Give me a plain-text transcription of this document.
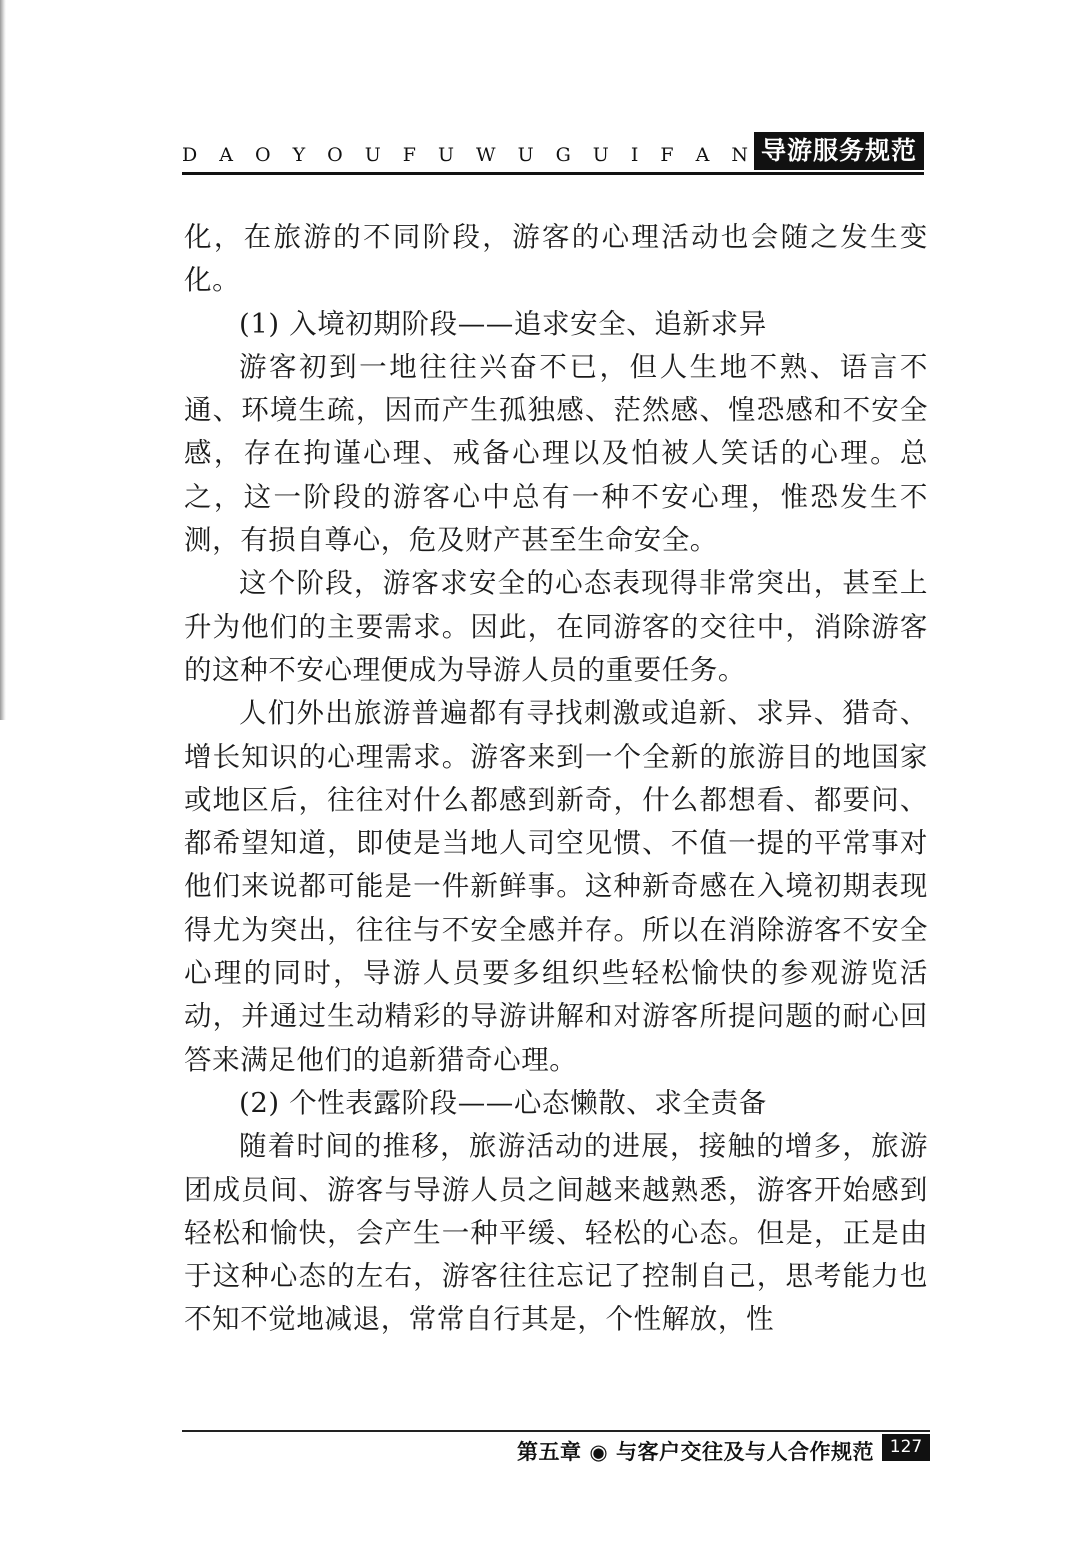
D A O Y O U F U W U G U I F A N 导游服务规范

化，在旅游的不同阶段，游客的心理活动也会随之发生变化。

(1) 入境初期阶段——追求安全、追新求异

游客初到一地往往兴奋不已，但人生地不熟、语言不通、环境生疏，因而产生孤独感、茫然感、惶恐感和不安全感，存在拘谨心理、戒备心理以及怕被人笑话的心理。总之，这一阶段的游客心中总有一种不安心理，惟恐发生不测，有损自尊心，危及财产甚至生命安全。

这个阶段，游客求安全的心态表现得非常突出，甚至上升为他们的主要需求。因此，在同游客的交往中，消除游客的这种不安心理便成为导游人员的重要任务。

人们外出旅游普遍都有寻找刺激或追新、求异、猎奇、增长知识的心理需求。游客来到一个全新的旅游目的地国家或地区后，往往对什么都感到新奇，什么都想看、都要问、都希望知道，即使是当地人司空见惯、不值一提的平常事对他们来说都可能是一件新鲜事。这种新奇感在入境初期表现得尤为突出，往往与不安全感并存。所以在消除游客不安全心理的同时，导游人员要多组织些轻松愉快的参观游览活动，并通过生动精彩的导游讲解和对游客所提问题的耐心回答来满足他们的追新猎奇心理。

(2) 个性表露阶段——心态懒散、求全责备

随着时间的推移，旅游活动的进展，接触的增多，旅游团成员间、游客与导游人员之间越来越熟悉，游客开始感到轻松和愉快，会产生一种平缓、轻松的心态。但是，正是由于这种心态的左右，游客往往忘记了控制自己，思考能力也不知不觉地减退，常常自行其是，个性解放，性

第五章 ◉ 与客户交往及与人合作规范 127
